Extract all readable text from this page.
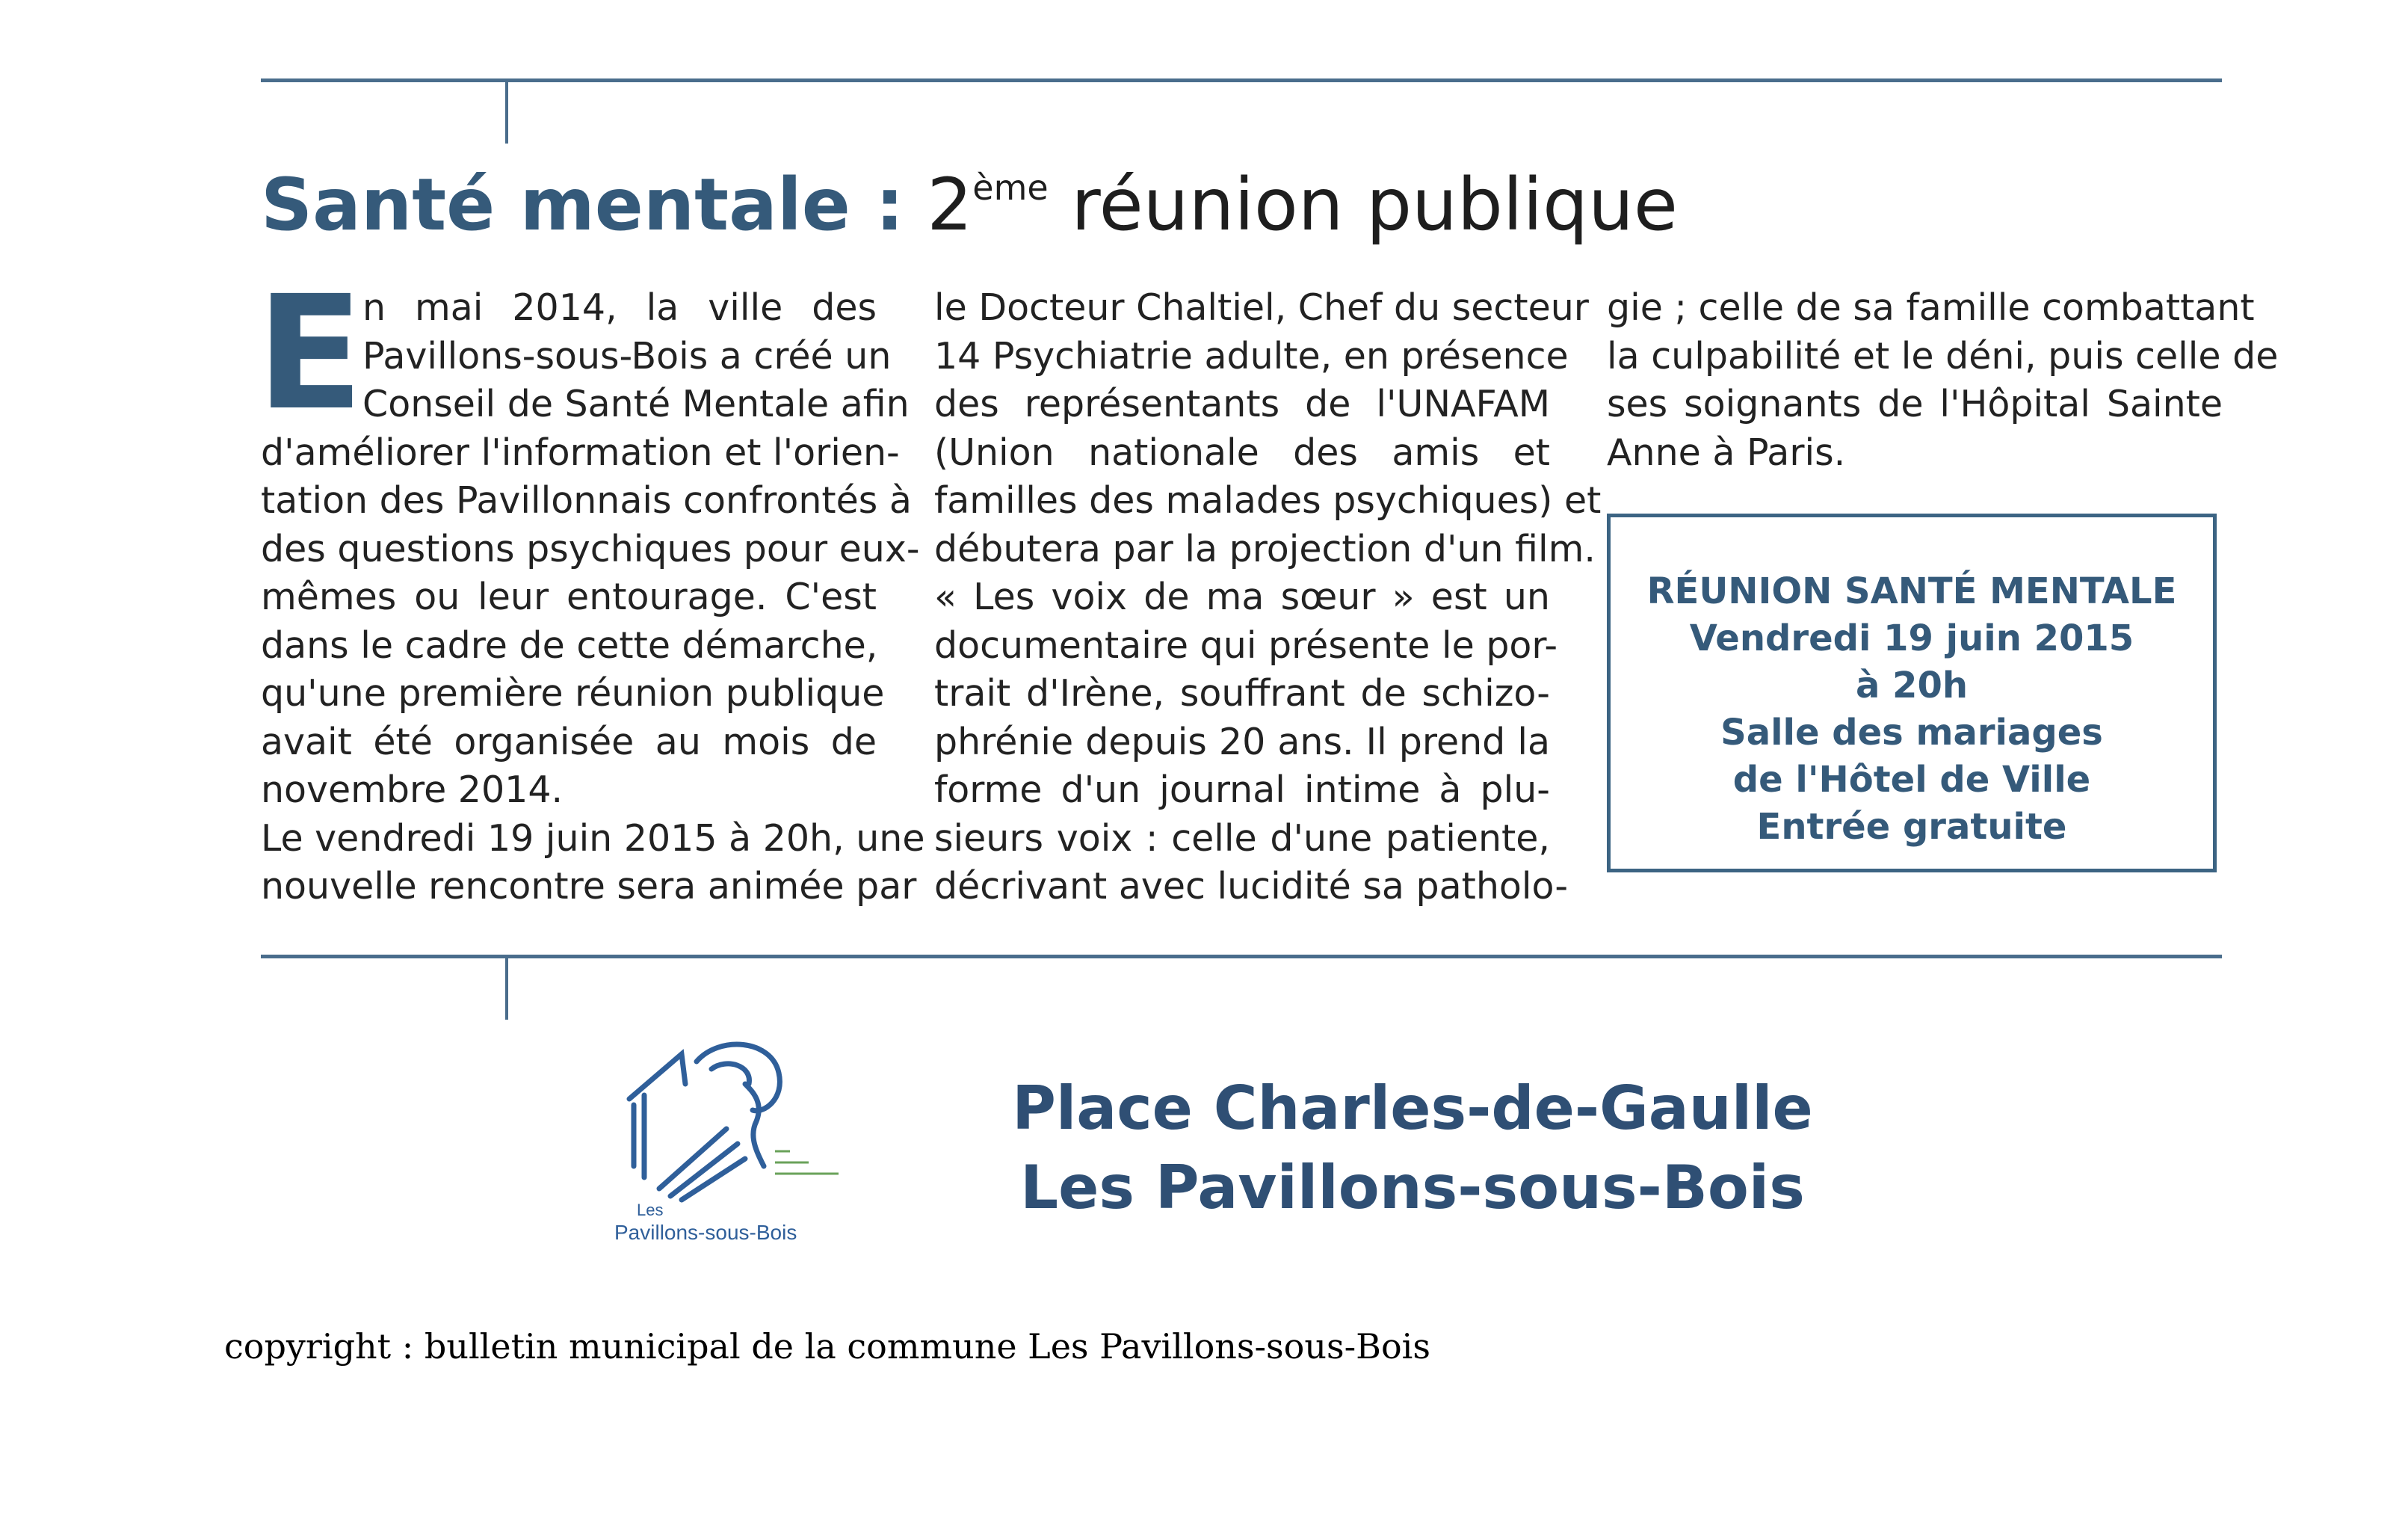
Santé mentale : 2ème réunion publique
E
n mai 2014, la ville des
Pavillons-sous-Bois a créé un
Conseil de Santé Mentale afin
d'améliorer l'information et l'orien-
tation des Pavillonnais confrontés à
des questions psychiques pour eux-
mêmes ou leur entourage. C'est
dans le cadre de cette démarche,
qu'une première réunion publique
avait été organisée au mois de
novembre 2014.
Le vendredi 19 juin 2015 à 20h, une
nouvelle rencontre sera animée par
le Docteur Chaltiel, Chef du secteur
14 Psychiatrie adulte, en présence
des représentants de l'UNAFAM
(Union nationale des amis et
familles des malades psychiques) et
débutera par la projection d'un film.
« Les voix de ma sœur » est un
documentaire qui présente le por-
trait d'Irène, souffrant de schizo-
phrénie depuis 20 ans. Il prend la
forme d'un journal intime à plu-
sieurs voix : celle d'une patiente,
décrivant avec lucidité sa patholo-
gie ; celle de sa famille combattant
la culpabilité et le déni, puis celle de
ses soignants de l'Hôpital Sainte
Anne à Paris.
RÉUNION SANTÉ MENTALE
Vendredi 19 juin 2015
à 20h
Salle des mariages
de l'Hôtel de Ville
Entrée gratuite
Les
Pavillons-sous-Bois
Place Charles-de-Gaulle
Les Pavillons-sous-Bois
copyright : bulletin municipal de la commune Les Pavillons-sous-Bois
